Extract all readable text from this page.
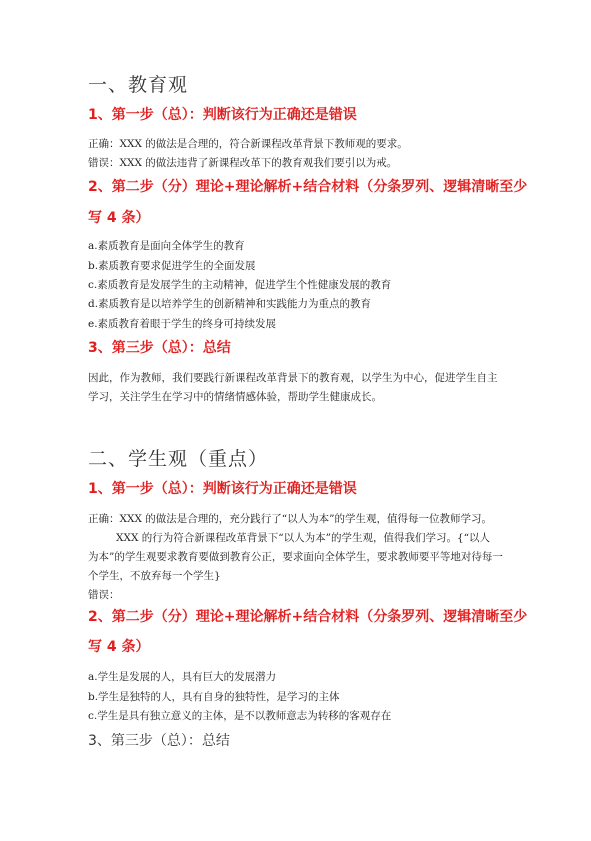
一、教育观
1、第一步（总）：判断该行为正确还是错误
正确：XXX 的做法是合理的，符合新课程改革背景下教师观的要求。
错误：XXX 的做法违背了新课程改革下的教育观我们要引以为戒。
2、第二步（分）理论+理论解析+结合材料（分条罗列、逻辑清晰至少
写 4 条）
a.素质教育是面向全体学生的教育
b.素质教育要求促进学生的全面发展
c.素质教育是发展学生的主动精神，促进学生个性健康发展的教育
d.素质教育是以培养学生的创新精神和实践能力为重点的教育
e.素质教育着眼于学生的终身可持续发展
3、第三步（总）：总结
因此，作为教师，我们要践行新课程改革背景下的教育观，以学生为中心，促进学生自主
学习，关注学生在学习中的情绪情感体验，帮助学生健康成长。
二、学生观（重点）
1、第一步（总）：判断该行为正确还是错误
正确：XXX 的做法是合理的，充分践行了“以人为本”的学生观，值得每一位教师学习。
XXX 的行为符合新课程改革背景下“以人为本”的学生观，值得我们学习。{“以人
为本”的学生观要求教育要做到教育公正，要求面向全体学生，要求教师要平等地对待每一
个学生，不放弃每一个学生}
错误：
2、第二步（分）理论+理论解析+结合材料（分条罗列、逻辑清晰至少
写 4 条）
a.学生是发展的人，具有巨大的发展潜力
b.学生是独特的人，具有自身的独特性，是学习的主体
c.学生是具有独立意义的主体，是不以教师意志为转移的客观存在
3、第三步（总）：总结
